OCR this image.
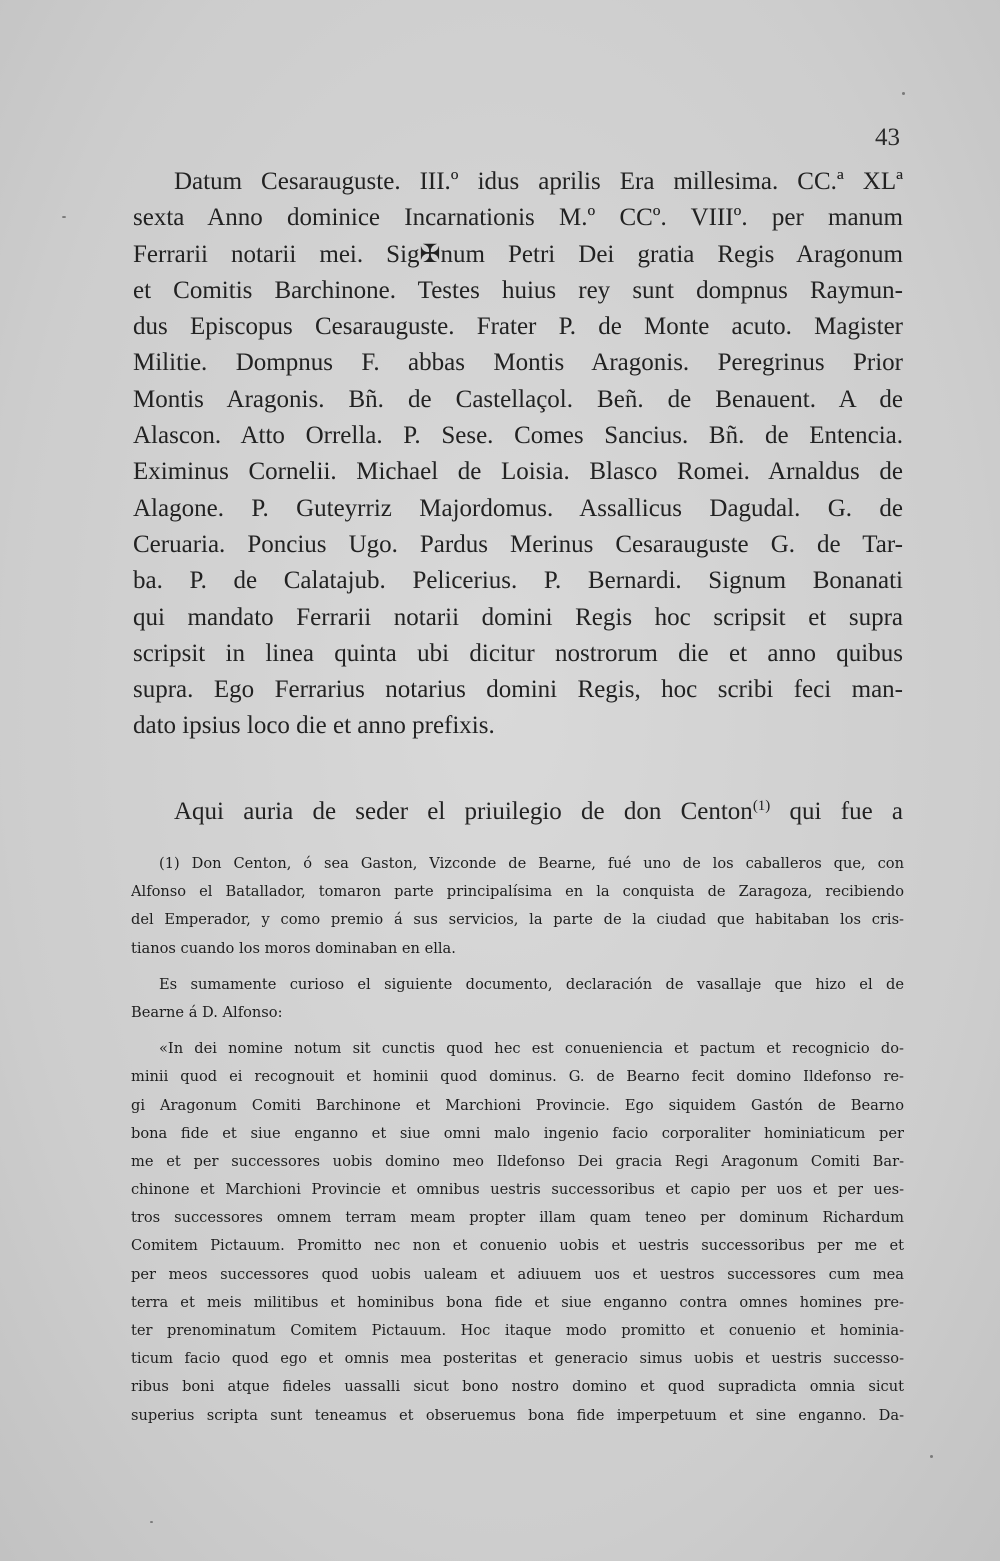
43
Datum Cesarauguste. III.º idus aprilis Era millesima. CC.ª XLª
sexta Anno dominice Incarnationis M.º CCº. VIIIº. per manum
Ferrarii notarii mei. Sig✠num Petri Dei gratia Regis Aragonum
et Comitis Barchinone. Testes huius rey sunt dompnus Raymun-
dus Episcopus Cesarauguste. Frater P. de Monte acuto. Magister
Militie. Dompnus F. abbas Montis Aragonis. Peregrinus Prior
Montis Aragonis. Bñ. de Castellaçol. Beñ. de Benauent. A de
Alascon. Atto Orrella. P. Sese. Comes Sancius. Bñ. de Entencia.
Eximinus Cornelii. Michael de Loisia. Blasco Romei. Arnaldus de
Alagone. P. Guteyrriz Majordomus. Assallicus Dagudal. G. de
Ceruaria. Poncius Ugo. Pardus Merinus Cesarauguste G. de Tar-
ba. P. de Calatajub. Pelicerius. P. Bernardi. Signum Bonanati
qui mandato Ferrarii notarii domini Regis hoc scripsit et supra
scripsit in linea quinta ubi dicitur nostrorum die et anno quibus
supra. Ego Ferrarius notarius domini Regis, hoc scribi feci man-
dato ipsius loco die et anno prefixis.
Aqui auria de seder el priuilegio de don Centon$^{(1)}$ qui fue a
(1) Don Centon, ó sea Gaston, Vizconde de Bearne, fué uno de los caballeros que, con
Alfonso el Batallador, tomaron parte principalísima en la conquista de Zaragoza, recibiendo
del Emperador, y como premio á sus servicios, la parte de la ciudad que habitaban los cris-
tianos cuando los moros dominaban en ella.
Es sumamente curioso el siguiente documento, declaración de vasallaje que hizo el de
Bearne á D. Alfonso:
«In dei nomine notum sit cunctis quod hec est conueniencia et pactum et recognicio do-
minii quod ei recognouit et hominii quod dominus. G. de Bearno fecit domino Ildefonso re-
gi Aragonum Comiti Barchinone et Marchioni Provincie. Ego siquidem Gastón de Bearno
bona fide et siue enganno et siue omni malo ingenio facio corporaliter hominiaticum per
me et per successores uobis domino meo Ildefonso Dei gracia Regi Aragonum Comiti Bar-
chinone et Marchioni Provincie et omnibus uestris successoribus et capio per uos et per ues-
tros successores omnem terram meam propter illam quam teneo per dominum Richardum
Comitem Pictauum. Promitto nec non et conuenio uobis et uestris successoribus per me et
per meos successores quod uobis ualeam et adiuuem uos et uestros successores cum mea
terra et meis militibus et hominibus bona fide et siue enganno contra omnes homines pre-
ter prenominatum Comitem Pictauum. Hoc itaque modo promitto et conuenio et hominia-
ticum facio quod ego et omnis mea posteritas et generacio simus uobis et uestris successo-
ribus boni atque fideles uassalli sicut bono nostro domino et quod supradicta omnia sicut
superius scripta sunt teneamus et obseruemus bona fide imperpetuum et sine enganno. Da-
